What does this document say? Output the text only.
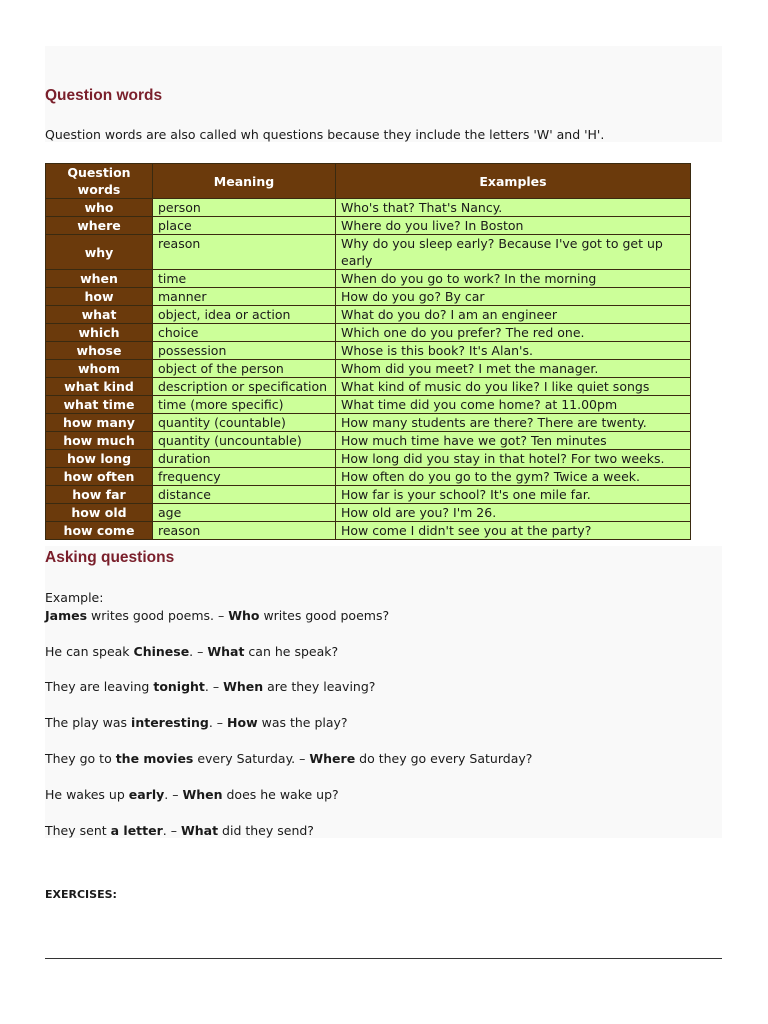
Question words

Question words are also called wh questions because they include the letters 'W' and 'H'.

Question words	Meaning	Examples
who	person	Who's that? That's Nancy.
where	place	Where do you live? In Boston
why	reason	Why do you sleep early? Because I've got to get up early
when	time	When do you go to work? In the morning
how	manner	How do you go? By car
what	object, idea or action	What do you do? I am an engineer
which	choice	Which one do you prefer? The red one.
whose	possession	Whose is this book? It's Alan's.
whom	object of the person	Whom did you meet? I met the manager.
what kind	description or specification	What kind of music do you like? I like quiet songs
what time	time (more specific)	What time did you come home? at 11.00pm
how many	quantity (countable)	How many students are there? There are twenty.
how much	quantity (uncountable)	How much time have we got? Ten minutes
how long	duration	How long did you stay in that hotel? For two weeks.
how often	frequency	How often do you go to the gym? Twice a week.
how far	distance	How far is your school? It's one mile far.
how old	age	How old are you? I'm 26.
how come	reason	How come I didn't see you at the party?
Asking questions

Example:

James writes good poems. – Who writes good poems?

He can speak Chinese. – What can he speak?

They are leaving tonight. – When are they leaving?

The play was interesting. – How was the play?

They go to the movies every Saturday. – Where do they go every Saturday?

He wakes up early. – When does he wake up?

They sent a letter. – What did they send?

EXERCISES:
